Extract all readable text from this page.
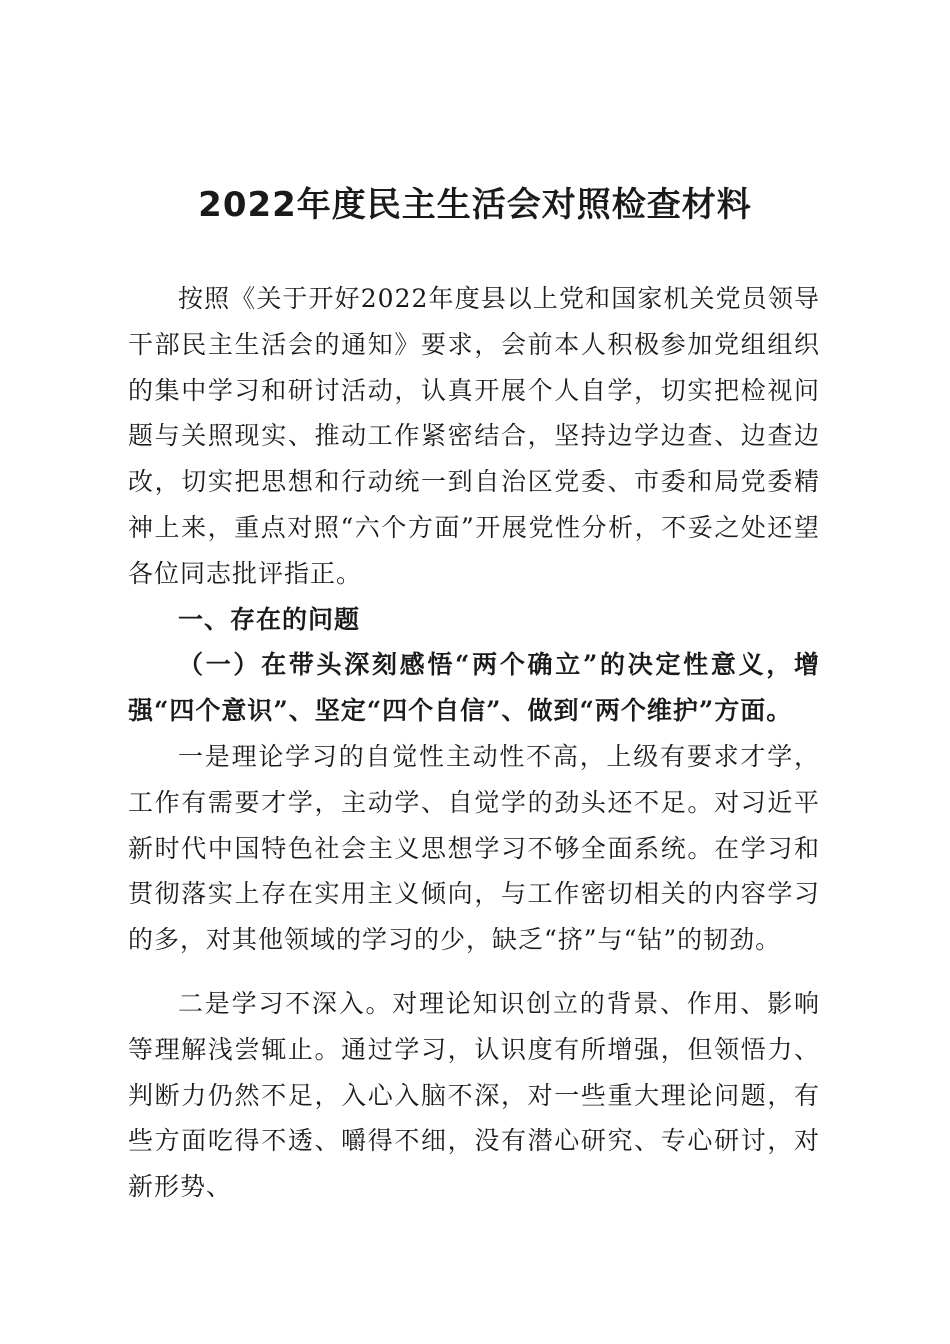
2022年度民主生活会对照检查材料

按照《关于开好2022年度县以上党和国家机关党员领导干部民主生活会的通知》要求，会前本人积极参加党组组织的集中学习和研讨活动，认真开展个人自学，切实把检视问题与关照现实、推动工作紧密结合，坚持边学边查、边查边改，切实把思想和行动统一到自治区党委、市委和局党委精神上来，重点对照“六个方面”开展党性分析，不妥之处还望各位同志批评指正。

一、存在的问题

（一）在带头深刻感悟“两个确立”的决定性意义，增强“四个意识”、坚定“四个自信”、做到“两个维护”方面。

一是理论学习的自觉性主动性不高，上级有要求才学，工作有需要才学，主动学、自觉学的劲头还不足。对习近平新时代中国特色社会主义思想学习不够全面系统。在学习和贯彻落实上存在实用主义倾向，与工作密切相关的内容学习的多，对其他领域的学习的少，缺乏“挤”与“钻”的韧劲。

二是学习不深入。对理论知识创立的背景、作用、影响等理解浅尝辄止。通过学习，认识度有所增强，但领悟力、判断力仍然不足，入心入脑不深，对一些重大理论问题，有些方面吃得不透、嚼得不细，没有潜心研究、专心研讨，对新形势、
